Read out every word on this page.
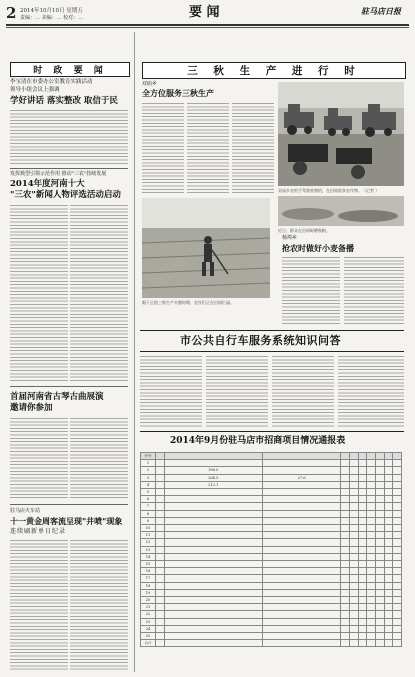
2 2014年10月10日 星期五
责编：… 美编：… 校对：…	要 闻	驻马店日报
时 政 要 闻
李宝清在市委办公室教育实践活动
领导小组会议上强调
学好讲话 落实整改 取信于民
发挥典型引领示范作用 推动"三农"持续发展
2014年度河南十大
"三农"新闻人物评选活动启动
首届河南省古琴古曲展演
邀请你参加
驻马店火车站
十一黄金周客流呈现"井喷"现象
连续刷新单日纪录
三 秋 生 产 进 行 时
双庙乡
全方位服务三秋生产
双庙乡农机手驾驶收割机，在田间收获农作物。（记者 ）
眼下正值三秋生产关键时期，农民们正在田间忙碌。
近日，群众在田间晾晒秋粮。
杨埠乡
抢农时做好小麦备播
市公共自行车服务系统知识问答
2014年9月份驻马店市招商项目情况通报表
序号										
1										
2		188.0								
3		264.5	27.6							
4		212.1								
5										
6										
7										
8										
9										
10										
11										
12										
13										
14										
15										
16										
17										
18										
19										
20										
21										
22										
23										
24										
25										
合计										
